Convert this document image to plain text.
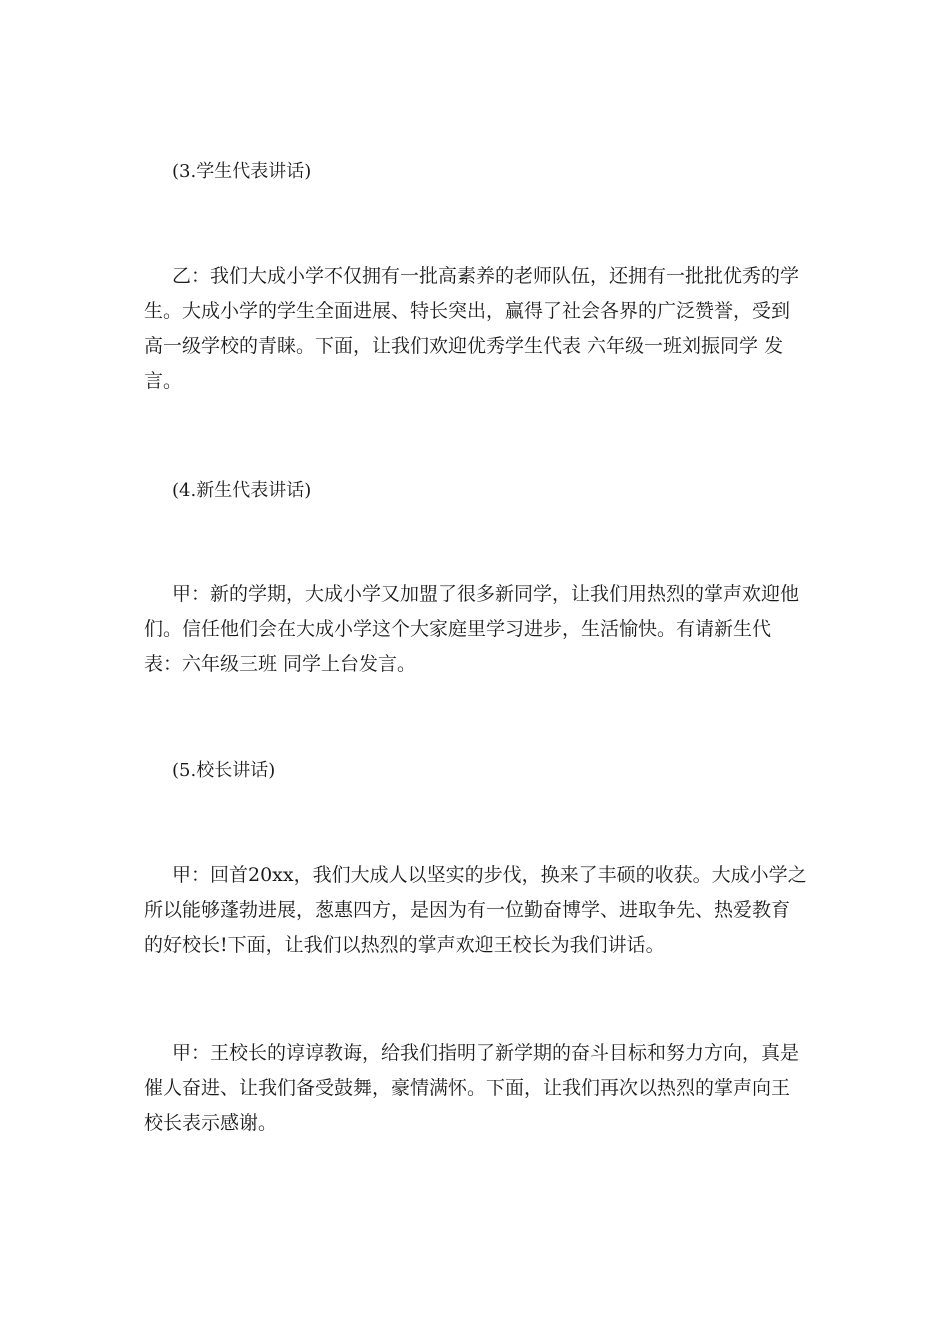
(3.学生代表讲话)
乙：我们大成小学不仅拥有一批高素养的老师队伍，还拥有一批批优秀的学生。大成小学的学生全面进展、特长突出，赢得了社会各界的广泛赞誉，受到高一级学校的青睐。下面，让我们欢迎优秀学生代表 六年级一班刘振同学 发言。
(4.新生代表讲话)
甲：新的学期，大成小学又加盟了很多新同学，让我们用热烈的掌声欢迎他们。信任他们会在大成小学这个大家庭里学习进步，生活愉快。有请新生代表：六年级三班 同学上台发言。
(5.校长讲话)
甲：回首20xx，我们大成人以坚实的步伐，换来了丰硕的收获。大成小学之所以能够蓬勃进展，葱惠四方，是因为有一位勤奋博学、进取争先、热爱教育的好校长!下面，让我们以热烈的掌声欢迎王校长为我们讲话。
甲：王校长的谆谆教诲，给我们指明了新学期的奋斗目标和努力方向，真是催人奋进、让我们备受鼓舞，豪情满怀。下面，让我们再次以热烈的掌声向王校长表示感谢。
